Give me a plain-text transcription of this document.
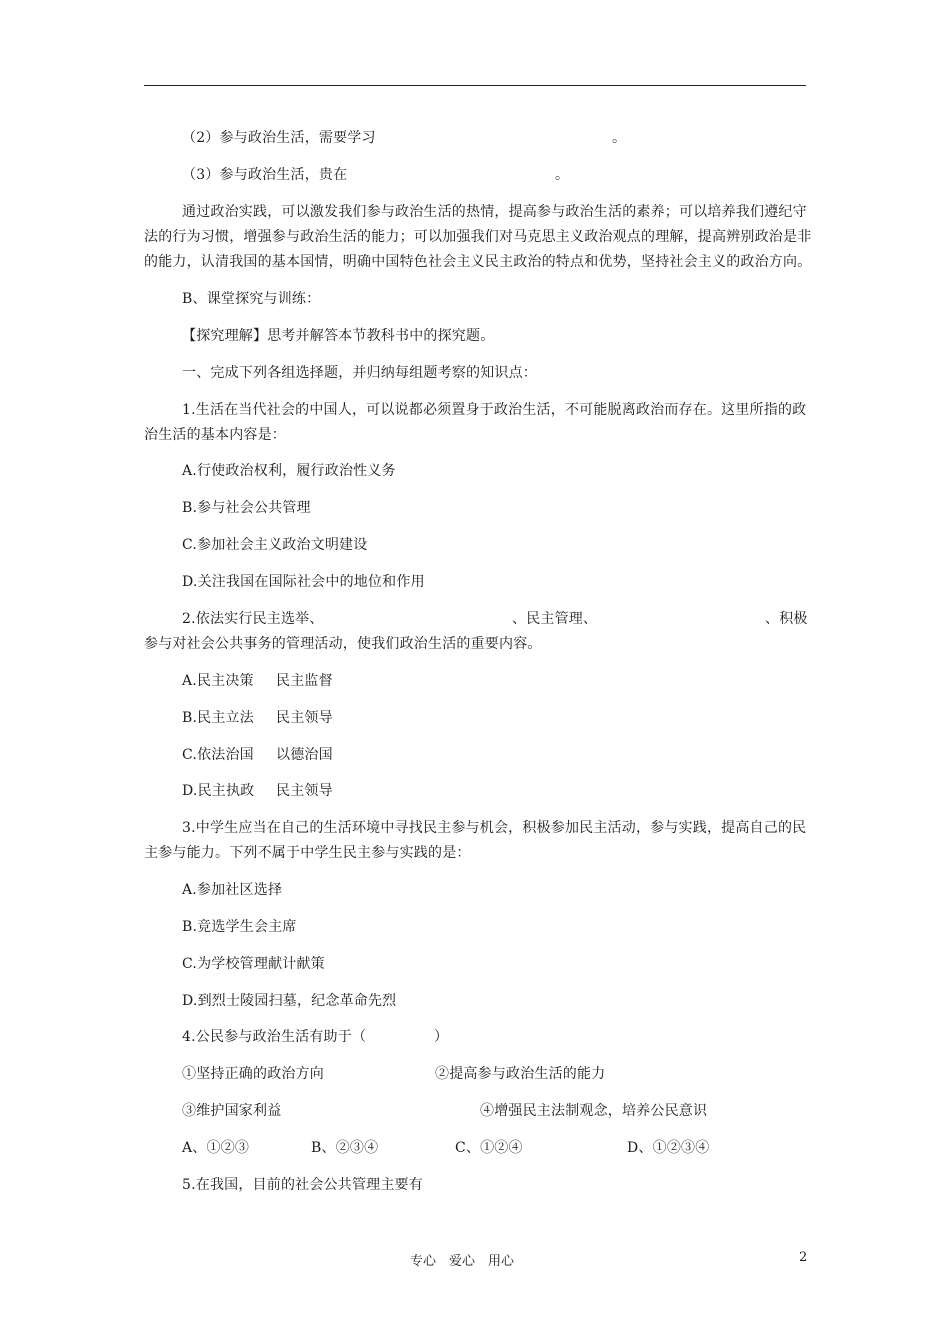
（2）参与政治生活，需要学习	。
（3）参与政治生活，贵在	。
通过政治实践，可以激发我们参与政治生活的热情，提高参与政治生活的素养；可以培养我们遵纪守
法的行为习惯，增强参与政治生活的能力；可以加强我们对马克思主义政治观点的理解，提高辨别政治是非
的能力，认清我国的基本国情，明确中国特色社会主义民主政治的特点和优势，坚持社会主义的政治方向。
B、课堂探究与训练：
【探究理解】思考并解答本节教科书中的探究题。
一、完成下列各组选择题，并归纳每组题考察的知识点：
1.生活在当代社会的中国人，可以说都必须置身于政治生活，不可能脱离政治而存在。这里所指的政
治生活的基本内容是：
A.行使政治权利，履行政治性义务
B.参与社会公共管理
C.参加社会主义政治文明建设
D.关注我国在国际社会中的地位和作用
2.依法实行民主选举、	、民主管理、	、积极
参与对社会公共事务的管理活动，使我们政治生活的重要内容。
A.民主决策 民主监督
B.民主立法 民主领导
C.依法治国 以德治国
D.民主执政 民主领导
3.中学生应当在自己的生活环境中寻找民主参与机会，积极参加民主活动，参与实践，提高自己的民
主参与能力。下列不属于中学生民主参与实践的是：
A.参加社区选择
B.竞选学生会主席
C.为学校管理献计献策
D.到烈士陵园扫墓，纪念革命先烈
4.公民参与政治生活有助于（	）
①坚持正确的政治方向	②提高参与政治生活的能力
③维护国家利益	④增强民主法制观念，培养公民意识
A、①②③	B、②③④	C、①②④	D、①②③④
5.在我国，目前的社会公共管理主要有
专心　爱心　用心	2
